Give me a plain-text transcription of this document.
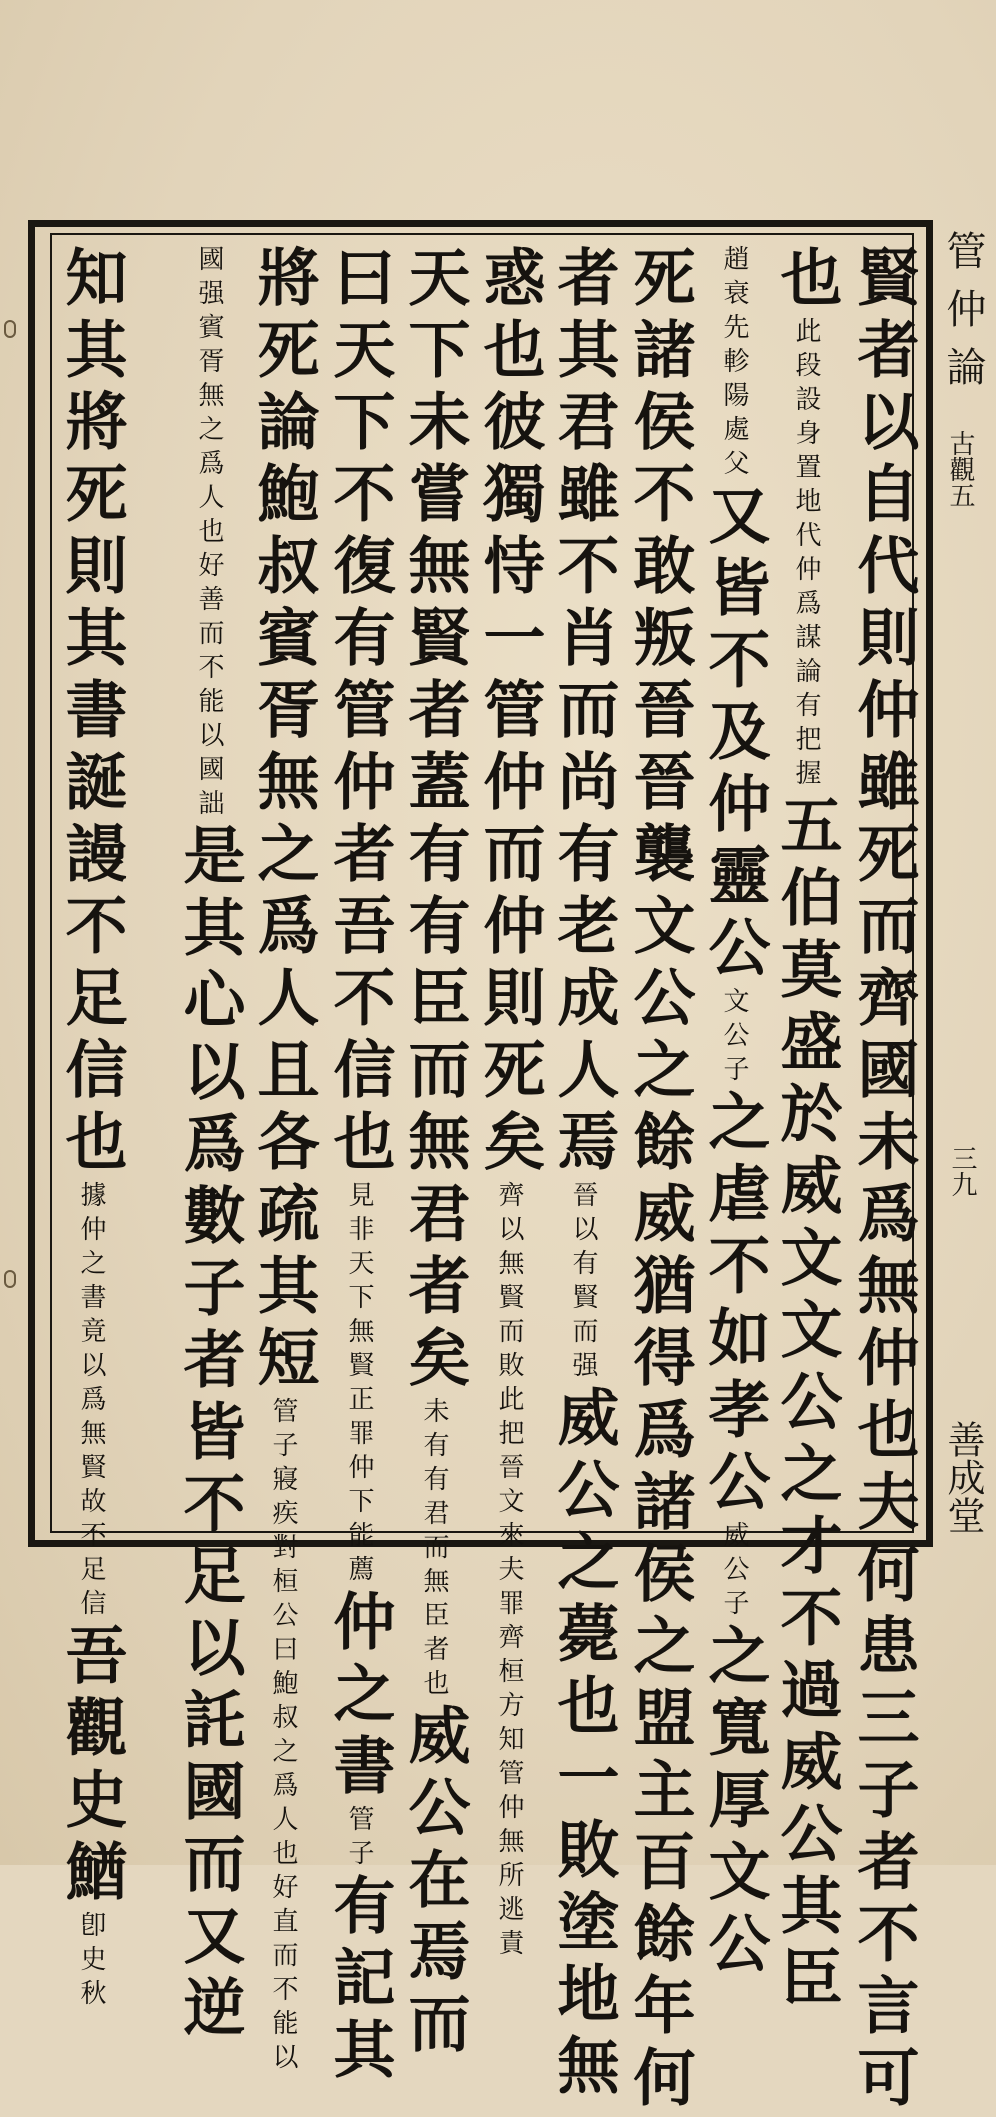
管仲論
古觀五
三九
善成堂
賢者以自代則仲雖死而齊國未爲無仲也夫何患三子者不言可
也此段設身置地代仲爲謀論有把握五伯莫盛於威文文公之才不過威公其臣
趙衰先軫陽處父又皆不及仲靈公文公子之虐不如孝公威公子之寬厚文公
死諸侯不敢叛晉晉襲文公之餘威猶得爲諸侯之盟主百餘年何
者其君雖不肖而尚有老成人焉晉以有賢而强威公之薨也一敗塗地無
惑也彼獨恃一管仲而仲則死矣齊以無賢而敗此把晉文來夫罪齊桓方知管仲無所逃責
天下未嘗無賢者蓋有有臣而無君者矣未有有君而無臣者也威公在焉而
曰天下不復有管仲者吾不信也見非天下無賢正罪仲下能薦仲之書管子有記其
將死論鮑叔賓胥無之爲人且各疏其短管子寢疾對桓公曰鮑叔之爲人也好直而不能以
國强賓胥無之爲人也好善而不能以國詘是其心以爲數子者皆不足以託國而又逆
知其將死則其書誕謾不足信也據仲之書竟以爲無賢故不足信吾觀史鰌卽史秋
